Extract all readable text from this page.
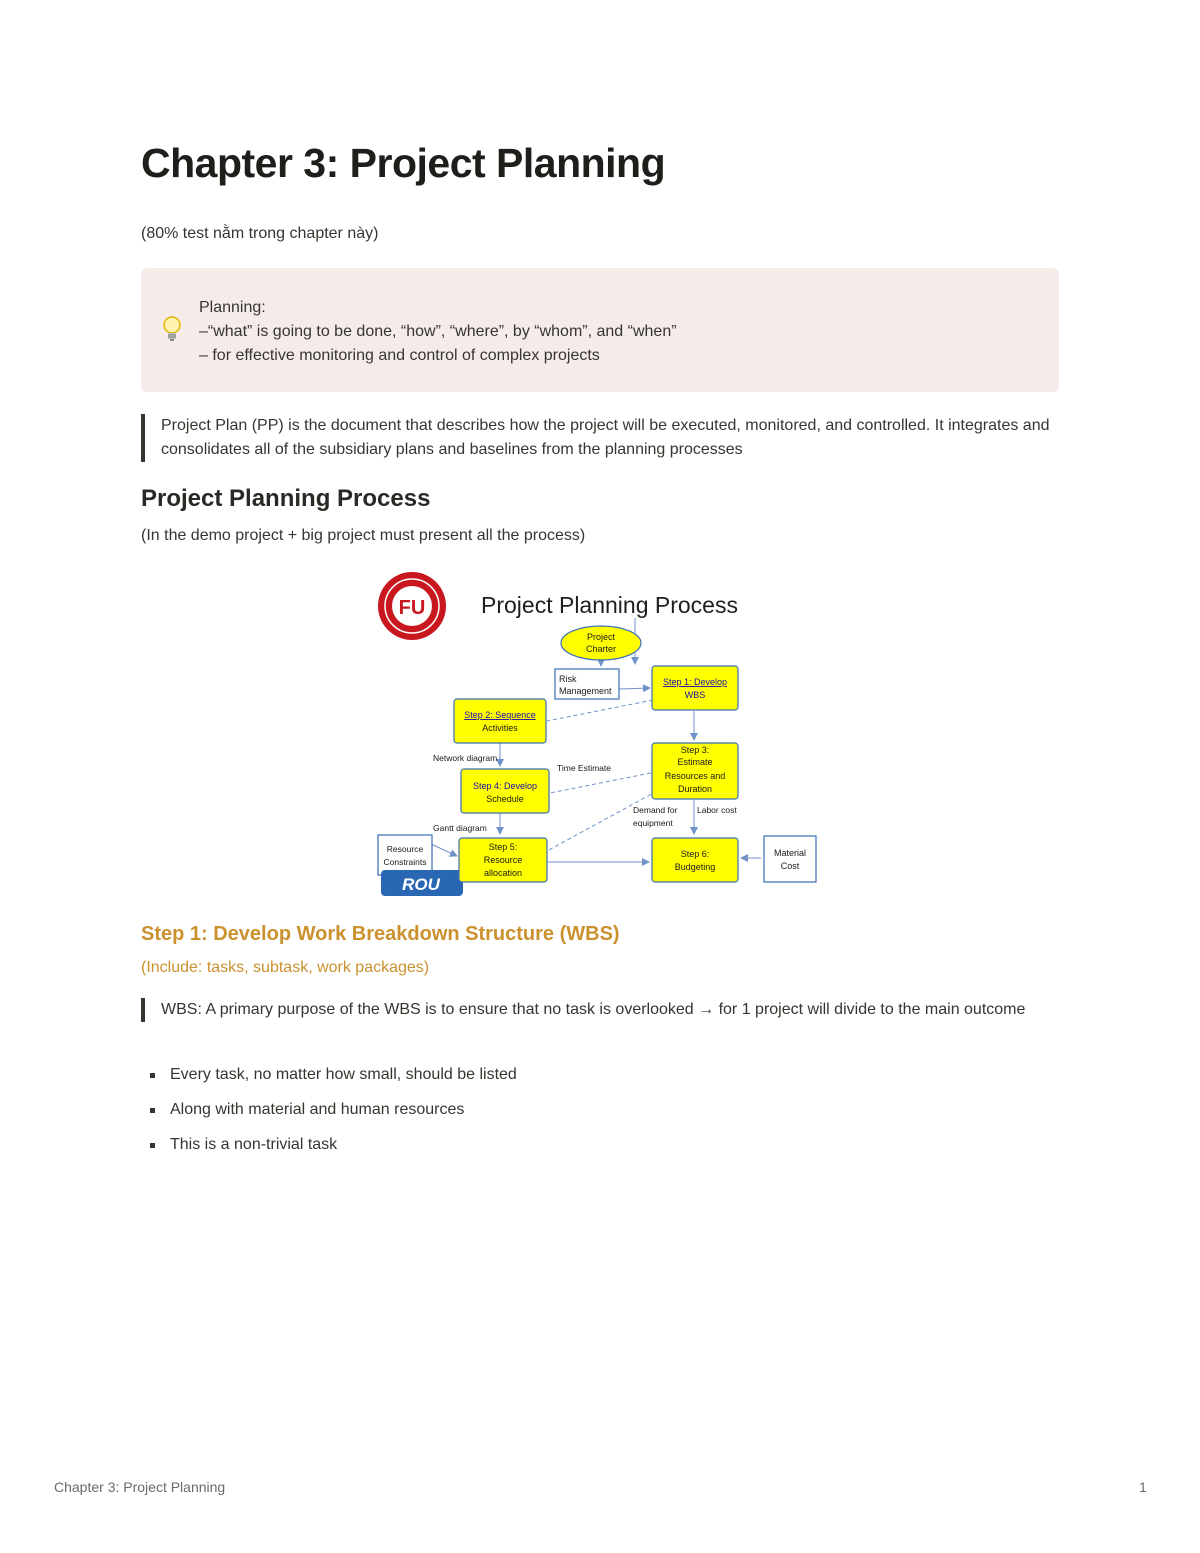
Chapter 3: Project Planning
(80% test nằm trong chapter này)
Planning:
–“what” is going to be done, “how”, “where”, by “whom”, and “when”
– for effective monitoring and control of complex projects
Project Plan (PP) is the document that describes how the project will be executed, monitored, and controlled. It integrates and consolidates all of the subsidiary plans and baselines from the planning processes
Project Planning Process
(In the demo project + big project must present all the process)
FU Project Planning Process
Project
Charter
Risk
Management
Step 1: Develop
WBS
Step 2: Sequence
Activities
Network diagram
Step 3:
Estimate
Resources and
Duration
Time Estimate
Step 4: Develop
Schedule
Demand for
equipment
Labor cost
Gantt diagram
Resource
Constraints
ROU
Step 5:
Resource
allocation
Step 6:
Budgeting
Material
Cost
Step 1: Develop Work Breakdown Structure (WBS)
(Include: tasks, subtask, work packages)
WBS: A primary purpose of the WBS is to ensure that no task is overlooked → for 1 project will divide to the main outcome
Every task, no matter how small, should be listed
Along with material and human resources
This is a non-trivial task
Chapter 3: Project Planning	1
